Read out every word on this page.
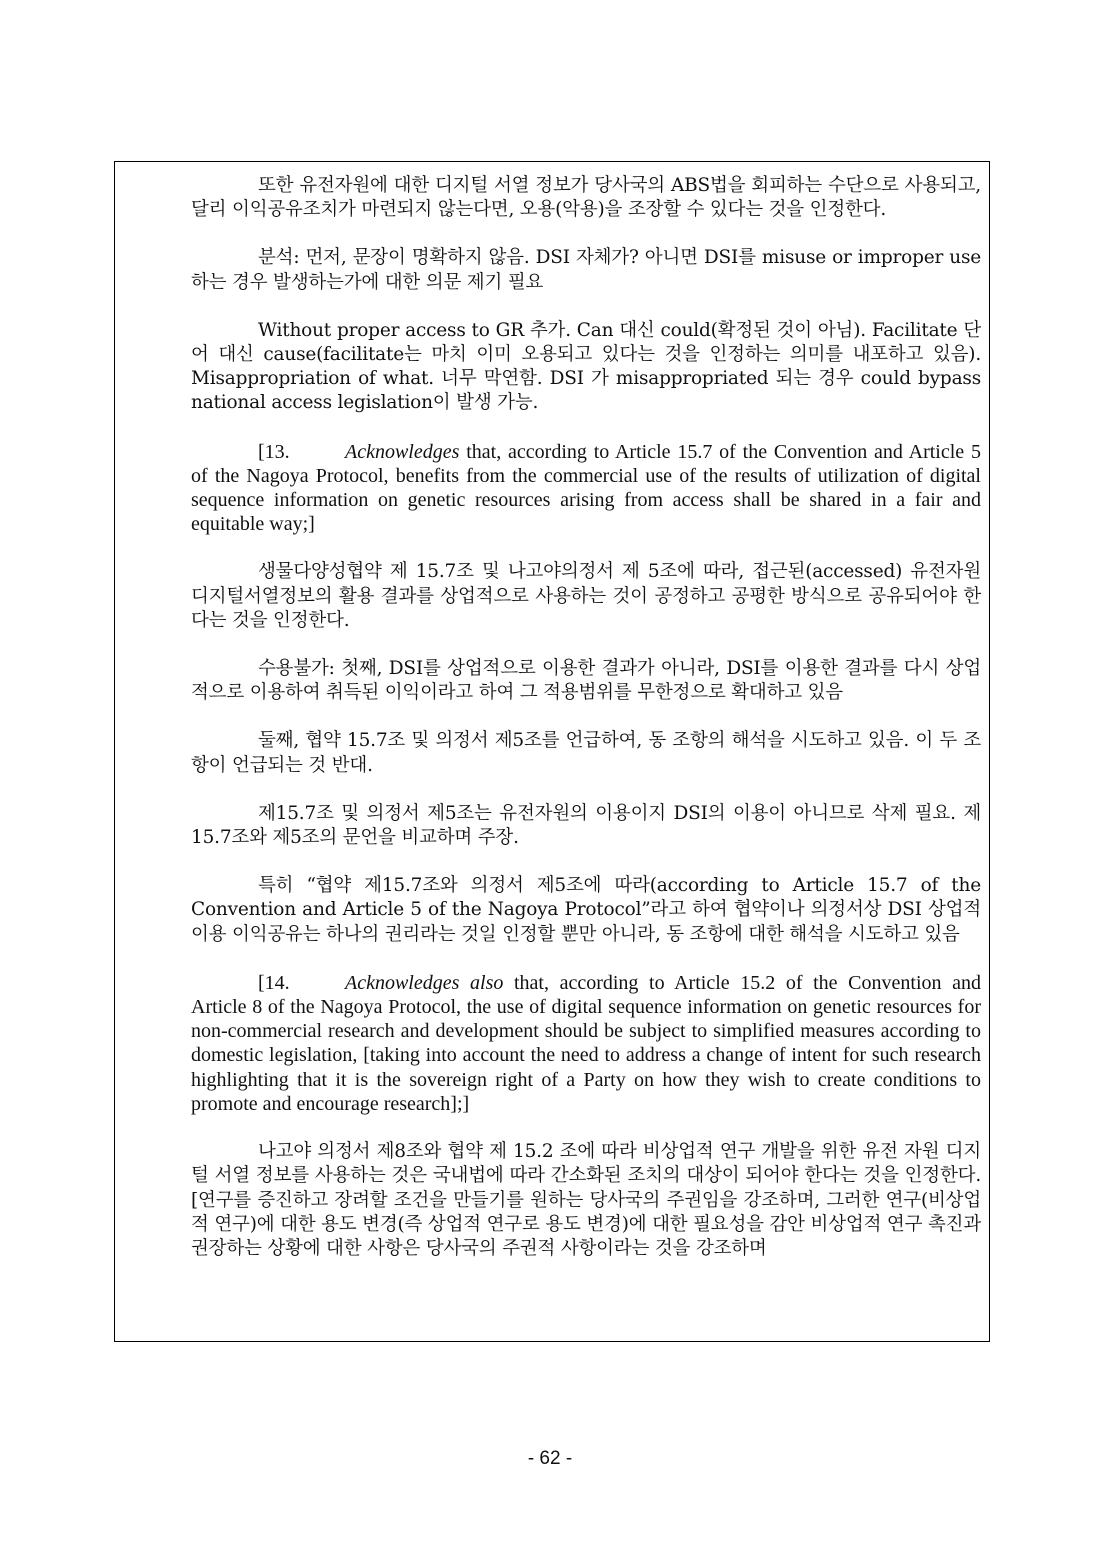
또한 유전자원에 대한 디지털 서열 정보가 당사국의 ABS법을 회피하는 수단으로 사용되고, 달리 이익공유조치가 마련되지 않는다면, 오용(악용)을 조장할 수 있다는 것을 인정한다.

분석: 먼저, 문장이 명확하지 않음. DSI 자체가? 아니면 DSI를 misuse or improper use하는 경우 발생하는가에 대한 의문 제기 필요

Without proper access to GR 추가. Can 대신 could(확정된 것이 아님). Facilitate 단어 대신 cause(facilitate는 마치 이미 오용되고 있다는 것을 인정하는 의미를 내포하고 있음). Misappropriation of what. 너무 막연함. DSI 가 misappropriated 되는 경우 could bypass national access legislation이 발생 가능.

[13.	Acknowledges that, according to Article 15.7 of the Convention and Article 5 of the Nagoya Protocol, benefits from the commercial use of the results of utilization of digital sequence information on genetic resources arising from access shall be shared in a fair and equitable way;]

생물다양성협약 제 15.7조 및 나고야의정서 제 5조에 따라, 접근된(accessed) 유전자원 디지털서열정보의 활용 결과를 상업적으로 사용하는 것이 공정하고 공평한 방식으로 공유되어야 한다는 것을 인정한다.

수용불가: 첫째, DSI를 상업적으로 이용한 결과가 아니라, DSI를 이용한 결과를 다시 상업적으로 이용하여 취득된 이익이라고 하여 그 적용범위를 무한정으로 확대하고 있음

둘째, 협약 15.7조 및 의정서 제5조를 언급하여, 동 조항의 해석을 시도하고 있음. 이 두 조항이 언급되는 것 반대.

제15.7조 및 의정서 제5조는 유전자원의 이용이지 DSI의 이용이 아니므로 삭제 필요. 제15.7조와 제5조의 문언을 비교하며 주장.

특히 “협약 제15.7조와 의정서 제5조에 따라(according to Article 15.7 of the Convention and Article 5 of the Nagoya Protocol”라고 하여 협약이나 의정서상 DSI 상업적 이용 이익공유는 하나의 권리라는 것일 인정할 뿐만 아니라, 동 조항에 대한 해석을 시도하고 있음

[14.	Acknowledges also that, according to Article 15.2 of the Convention and Article 8 of the Nagoya Protocol, the use of digital sequence information on genetic resources for non-commercial research and development should be subject to simplified measures according to domestic legislation, [taking into account the need to address a change of intent for such research highlighting that it is the sovereign right of a Party on how they wish to create conditions to promote and encourage research];]

나고야 의정서 제8조와 협약 제 15.2 조에 따라 비상업적 연구 개발을 위한 유전 자원 디지털 서열 정보를 사용하는 것은 국내법에 따라 간소화된 조치의 대상이 되어야 한다는 것을 인정한다. [연구를 증진하고 장려할 조건을 만들기를 원하는 당사국의 주권임을 강조하며, 그러한 연구(비상업적 연구)에 대한 용도 변경(즉 상업적 연구로 용도 변경)에 대한 필요성을 감안 비상업적 연구 촉진과 권장하는 상황에 대한 사항은 당사국의 주권적 사항이라는 것을 강조하며

- 62 -
